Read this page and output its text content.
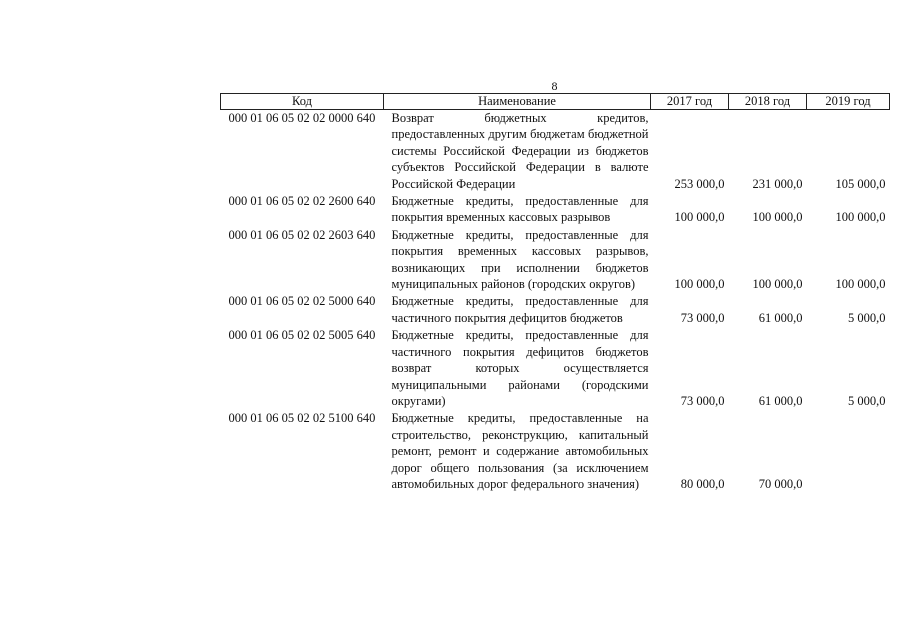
8
Код	Наименование	2017 год	2018 год	2019 год
000 01 06 05 02 02 0000 640	Возврат бюджетных кредитов, предоставленных другим бюджетам бюджетной системы Российской Федерации из бюджетов субъектов Российской Федерации в валюте Российской Федерации	253 000,0	231 000,0	105 000,0
000 01 06 05 02 02 2600 640	Бюджетные кредиты, предоставленные для покрытия временных кассовых разрывов	100 000,0	100 000,0	100 000,0
000 01 06 05 02 02 2603 640	Бюджетные кредиты, предоставленные для покрытия временных кассовых разрывов, возникающих при исполнении бюджетов муниципальных районов (городских округов)	100 000,0	100 000,0	100 000,0
000 01 06 05 02 02 5000 640	Бюджетные кредиты, предоставленные для частичного покрытия дефицитов бюджетов	73 000,0	61 000,0	5 000,0
000 01 06 05 02 02 5005 640	Бюджетные кредиты, предоставленные для частичного покрытия дефицитов бюджетов возврат которых осуществляется муниципальными районами (городскими округами)	73 000,0	61 000,0	5 000,0
000 01 06 05 02 02 5100 640	Бюджетные кредиты, предоставленные на строительство, реконструкцию, капитальный ремонт, ремонт и содержание автомобильных дорог общего пользования (за исключением автомобильных дорог федерального значения)	80 000,0	70 000,0	
